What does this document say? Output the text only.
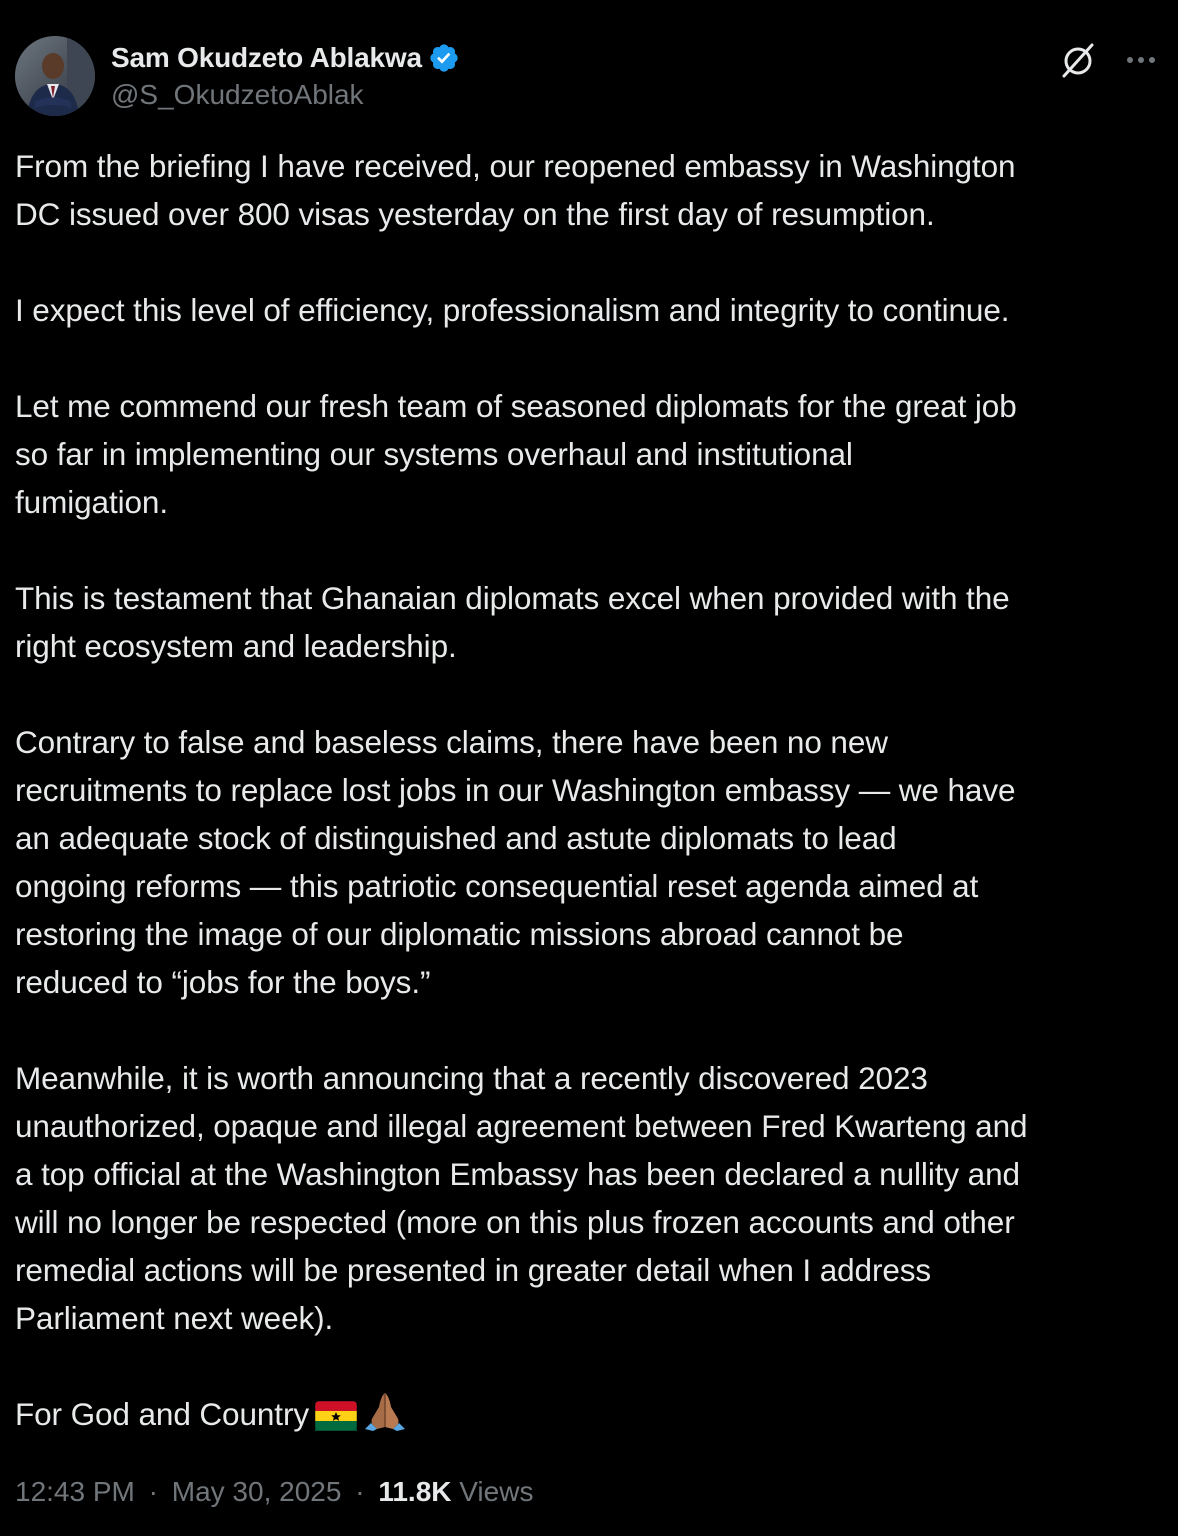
Sam Okudzeto Ablakwa
@S_OkudzetoAblak

From the briefing I have received, our reopened embassy in Washington
DC issued over 800 visas yesterday on the first day of resumption.

I expect this level of efficiency, professionalism and integrity to continue.

Let me commend our fresh team of seasoned diplomats for the great job
so far in implementing our systems overhaul and institutional
fumigation.

This is testament that Ghanaian diplomats excel when provided with the
right ecosystem and leadership.

Contrary to false and baseless claims, there have been no new
recruitments to replace lost jobs in our Washington embassy — we have
an adequate stock of distinguished and astute diplomats to lead
ongoing reforms — this patriotic consequential reset agenda aimed at
restoring the image of our diplomatic missions abroad cannot be
reduced to “jobs for the boys.”

Meanwhile, it is worth announcing that a recently discovered 2023
unauthorized, opaque and illegal agreement between Fred Kwarteng and
a top official at the Washington Embassy has been declared a nullity and
will no longer be respected (more on this plus frozen accounts and other
remedial actions will be presented in greater detail when I address
Parliament next week).

For God and Country

12:43 PM · May 30, 2025 · 11.8K Views
